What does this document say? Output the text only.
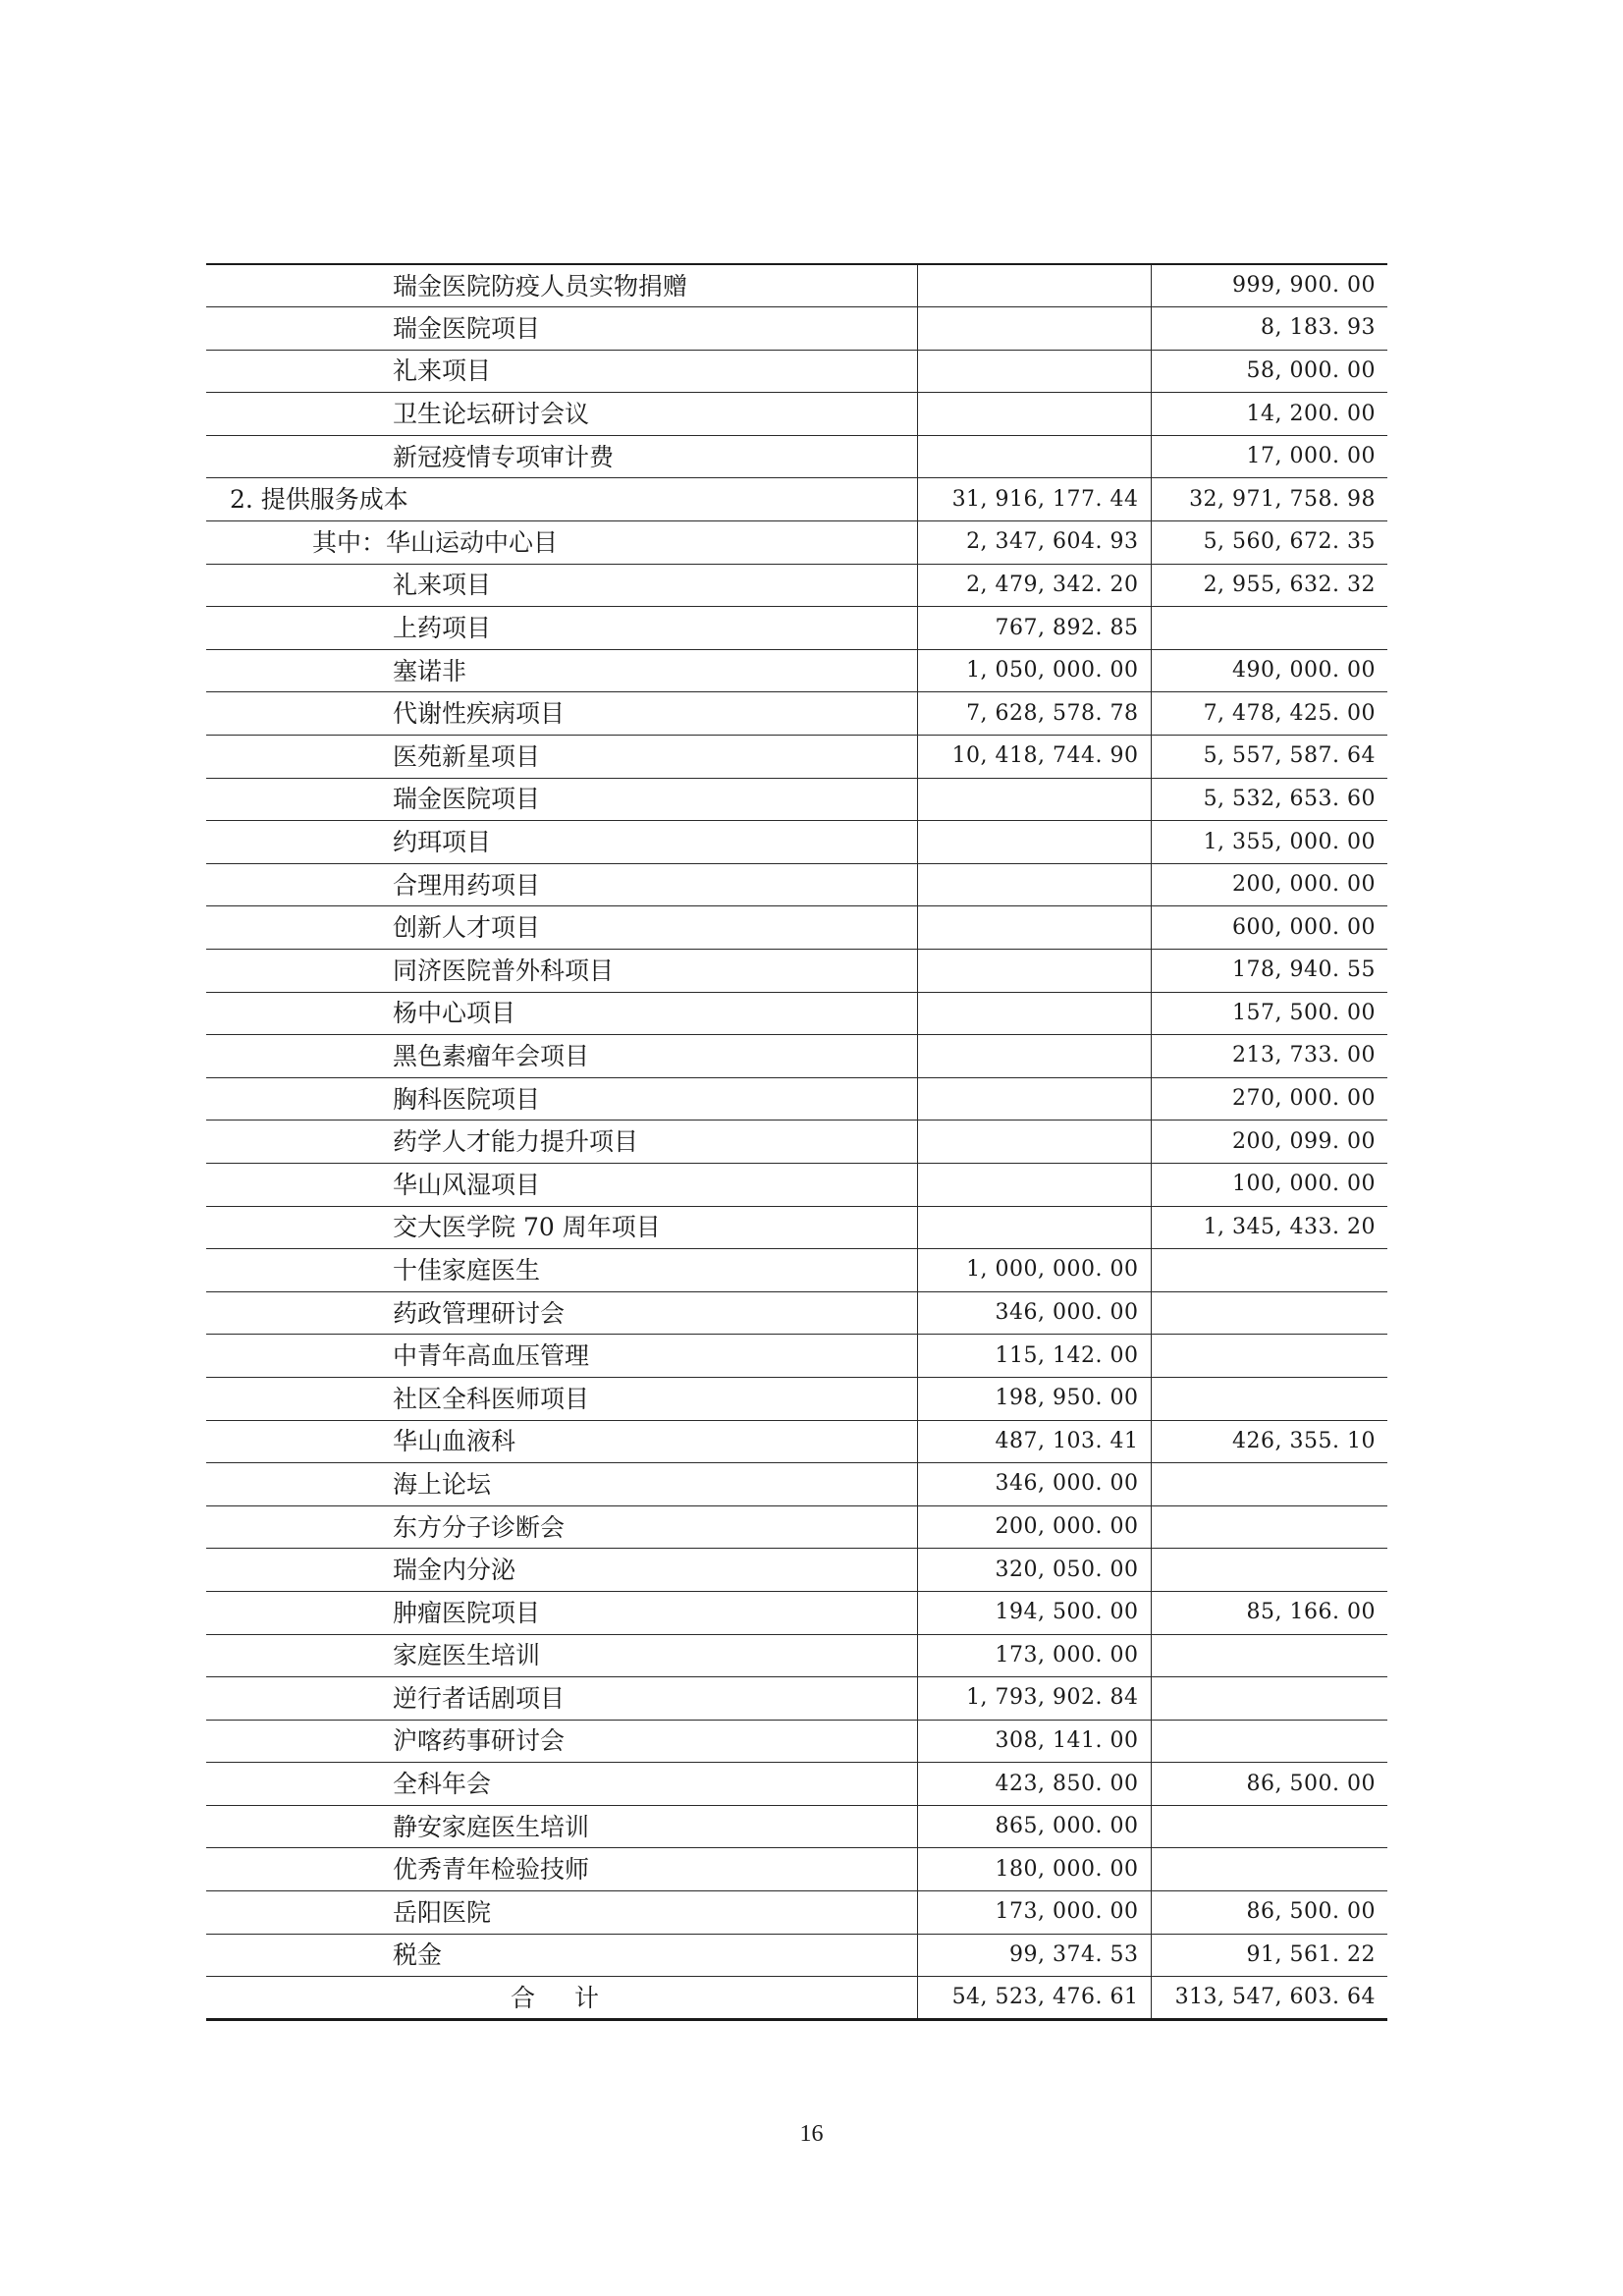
瑞金医院防疫人员实物捐赠		999, 900. 00
瑞金医院项目		8, 183. 93
礼来项目		58, 000. 00
卫生论坛研讨会议		14, 200. 00
新冠疫情专项审计费		17, 000. 00
2. 提供服务成本	31, 916, 177. 44	32, 971, 758. 98
其中：华山运动中心目	2, 347, 604. 93	5, 560, 672. 35
礼来项目	2, 479, 342. 20	2, 955, 632. 32
上药项目	767, 892. 85	
塞诺非	1, 050, 000. 00	490, 000. 00
代谢性疾病项目	7, 628, 578. 78	7, 478, 425. 00
医苑新星项目	10, 418, 744. 90	5, 557, 587. 64
瑞金医院项目		5, 532, 653. 60
约珥项目		1, 355, 000. 00
合理用药项目		200, 000. 00
创新人才项目		600, 000. 00
同济医院普外科项目		178, 940. 55
杨中心项目		157, 500. 00
黑色素瘤年会项目		213, 733. 00
胸科医院项目		270, 000. 00
药学人才能力提升项目		200, 099. 00
华山风湿项目		100, 000. 00
交大医学院 70 周年项目		1, 345, 433. 20
十佳家庭医生	1, 000, 000. 00	
药政管理研讨会	346, 000. 00	
中青年高血压管理	115, 142. 00	
社区全科医师项目	198, 950. 00	
华山血液科	487, 103. 41	426, 355. 10
海上论坛	346, 000. 00	
东方分子诊断会	200, 000. 00	
瑞金内分泌	320, 050. 00	
肿瘤医院项目	194, 500. 00	85, 166. 00
家庭医生培训	173, 000. 00	
逆行者话剧项目	1, 793, 902. 84	
沪喀药事研讨会	308, 141. 00	
全科年会	423, 850. 00	86, 500. 00
静安家庭医生培训	865, 000. 00	
优秀青年检验技师	180, 000. 00	
岳阳医院	173, 000. 00	86, 500. 00
税金	99, 374. 53	91, 561. 22
合计	54, 523, 476. 61	313, 547, 603. 64
16
